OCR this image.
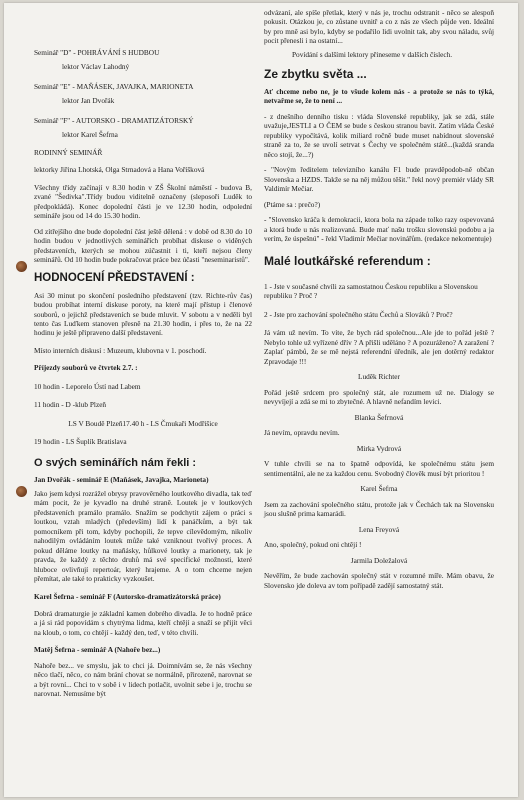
Seminář "D" - POHRÁVÁNÍ S HUDBOU

lektor Václav Lahodný

Seminář "E" - MAŇÁSEK, JAVAJKA, MARIONETA

lektor Jan Dvořák

Seminář "F" - AUTORSKO - DRAMATIZÁTORSKÝ

lektor Karel Šefrna

RODINNÝ SEMINÁŘ

lektorky Jiřina Lhotská, Olga Strnadová a Hana Voříšková

Všechny třídy začínají v 8.30 hodin v ZŠ Školní náměstí - budova B, zvané "Šedivka".Třídy budou viditelně označeny (sleposoři Luděk to předpokládá). Konec dopolední části je ve 12.30 hodin, odpolední semináře jsou od 14 do 15.30 hodin.

Od zítřejšího dne bude dopolední část ještě dělená : v době od 8.30 do 10 hodin budou v jednotlivých seminářích probíhat diskuse o viděných představeních, kterých se mohou zúčastnit i ti, kteří nejsou členy seminářů. Od 10 hodin bude pokračovat práce bez účasti "neseminaristů".

HODNOCENÍ PŘEDSTAVENÍ :

Asi 30 minut po skončení posledního představení (tzv. Richte-rův čas) budou probíhat interní diskuse poroty, na které mají přístup i členové souborů, o jejichž představeních se bude mluvit. V sobotu a v neděli byl tento čas Luďkem stanoven přesně na 21.30 hodin, i přes to, že na 22 hodinu je ještě připraveno další představení.

Místo interních diskusí : Muzeum, klubovna v 1. poschodí.

Příjezdy souborů ve čtvrtek 2.7. :

10 hodin - Leporelo Ústí nad Labem

11 hodin - D -klub Plzeň

LS V Boudě Plzeň17.40 h - LS Čmukaři Modřišice

19 hodin - LS Šuplík Bratislava

O svých seminářích nám řekli :

Jan Dvořák - seminář E (Maňásek, Javajka, Marioneta)

Jako jsem kdysi rozrážel obrysy pravověrného loutkového divadla, tak teď mám pocit, že je kyvadlo na druhé straně. Loutek je v loutkových představeních pramálo pramálo. Snažím se podchytit zájem o práci s loutkou, vztah mladých (především) lidí k panáčkům, a být tak pomocníkem při tom, kdyby pochopili, že tepve cílevědomým, nikoliv nahodilým ovládáním loutek může také vzniknout tvořivý proces. A pokud děláme loutky na maňásky, hůlkové loutky a marionety, tak je pravda, že každý z těchto druhů má své specifické možnosti, které hluboce ovlivňují repertoár, který hrajeme. A o tom chceme nejen přemítat, ale také to prakticky vyzkoušet.

Karel Šefrna - seminář F (Autorsko-dramatizátorská práce)

Dobrá dramaturgie je základní kamen dobrého divadla. Je to hodně práce a já si rád popovídám s chytrýma lidma, kteří chtějí a snaží se přijít věci na kloub, o tom, co chtějí - každý den, teď, v této chvíli.

Matěj Šefrna - seminář A (Nahoře bez...)

Nahoře bez... ve smyslu, jak to chci já. Doimnívám se, že nás všechny něco tlačí, něco, co nám brání chovat se normálně, přirozeně, narovnat se a být rovní... Chci to v sobě i v lidech potlačit, uvolnit sebe i je, trochu se narovnat. Nemusíme být

odvázaní, ale spíše přetlak, který v nás je, trochu odstranit - něco se alespoň pokusit. Otázkou je, co zůstane uvnitř a co z nás ze všech půjde ven. Ideální by pro mně asi bylo, kdyby se podařilo lidi uvolnit tak, aby svou náladu, svůj pocit přenesli i na ostatní...

Povídání s dalšími lektory přineseme v dalších číslech.

Ze zbytku světa ...

Ať chceme nebo ne, je to všude kolem nás - a protože se nás to týká, netvařme se, že to není ...

- z dnešního denního tisku : vláda Slovenské republiky, jak se zdá, stále uvažuje,JESTLI a O ČEM se bude s českou stranou bavit. Zatím vláda České republiky vypočítává, kolik miliard ročně bude muset nabídnout slovenské straně za to, že se uvolí setrvat s Čechy ve společném státě...(každá sranda něco stojí, že...?)

- "Novým ředitelem televizního kanálu F1 bude pravděpodob-ně občan Slovenska a HZDS. Takže se na něj můžou těšit." řekl nový premiér vlády SR Valdimír Mečiar.

(Ptáme sa : prečo?)

- "Slovensko kráča k demokracii, ktora bola na západe tolko razy ospevovaná a ktorá bude u nás realizovaná. Bude mať našu trošku slovenskú podobu a ja verím, že úspešnú" - řekl Vladimír Mečiar novinářům. (redakce nekomentuje)

Malé loutkářské referendum :

1 - Jste v současné chvíli za samostatnou Českou republiku a Slovenskou republiku ? Proč ?

2 - Jste pro zachování společného státu Čechů a Slováků ? Proč?

Já vám už nevím. To víte, že bych rád společnou...Ale jde to pořád ještě ? Nebylo tohle už vyřízené dřív ? A přišli uděláno ? A pozuráženo? A zaražení ? Zaplať pámbů, že se mě nejstá referendní úředník, ale jen dotěrný redaktor Zpravodaje !!!

Luděk Richter

Pořád ještě srdcem pro společný stát, ale rozumem už ne. Dialogy se nevyvíjejí a zdá se mi to zbytečné. A hlavně nefandím levici.

Blanka Šefrnová

Já nevím, opravdu nevím.

Mirka Vydrová

V tuhle chvíli se na to špatně odpovídá, ke společnému státu jsem sentimentální, ale ne za každou cenu. Svobodný člověk musí být prioritou !

Karel Šefrna

Jsem za zachování společného státu, protože jak v Čechách tak na Slovensku jsou slušně prima kamarádi.

Lena Freyová

Ano, společný, pokud oni chtějí !

Jarmila Doležalová

Nevěřím, že bude zachován společný stát v rozumné míře. Mám obavu, že Slovensko jde doleva av tom pořípadě zadějí samostatný stát.
